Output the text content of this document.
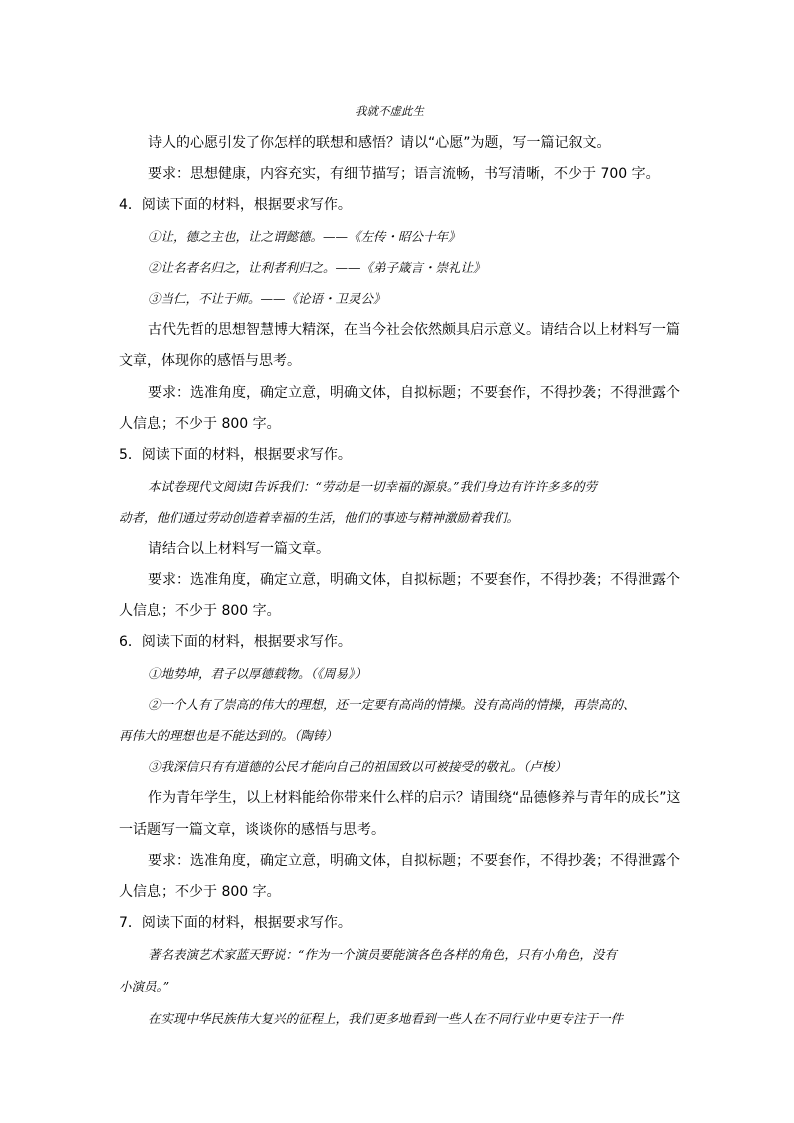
我就不虚此生
诗人的心愿引发了你怎样的联想和感悟？请以“心愿”为题，写一篇记叙文。
要求：思想健康，内容充实，有细节描写；语言流畅，书写清晰，不少于 700 字。
4．阅读下面的材料，根据要求写作。
①让，德之主也，让之谓懿德。——《左传・昭公十年》
②让名者名归之，让利者利归之。——《弟子箴言・崇礼让》
③当仁，不让于师。——《论语・卫灵公》
古代先哲的思想智慧博大精深，在当今社会依然颇具启示意义。请结合以上材料写一篇
文章，体现你的感悟与思考。
要求：选准角度，确定立意，明确文体，自拟标题；不要套作，不得抄袭；不得泄露个
人信息；不少于 800 字。
5．阅读下面的材料，根据要求写作。
本试卷现代文阅读Ⅰ告诉我们：“劳动是一切幸福的源泉。”我们身边有许许多多的劳
动者，他们通过劳动创造着幸福的生活，他们的事迹与精神激励着我们。
请结合以上材料写一篇文章。
要求：选准角度，确定立意，明确文体，自拟标题；不要套作，不得抄袭；不得泄露个
人信息；不少于 800 字。
6．阅读下面的材料，根据要求写作。
①地势坤，君子以厚德载物。（《周易》）
②一个人有了崇高的伟大的理想，还一定要有高尚的情操。没有高尚的情操，再崇高的、
再伟大的理想也是不能达到的。（陶铸）
③我深信只有有道德的公民才能向自己的祖国致以可被接受的敬礼。（卢梭）
作为青年学生，以上材料能给你带来什么样的启示？请围绕“品德修养与青年的成长”这
一话题写一篇文章，谈谈你的感悟与思考。
要求：选准角度，确定立意，明确文体，自拟标题；不要套作，不得抄袭；不得泄露个
人信息；不少于 800 字。
7．阅读下面的材料，根据要求写作。
著名表演艺术家蓝天野说：“作为一个演员要能演各色各样的角色，只有小角色，没有
小演员。”
在实现中华民族伟大复兴的征程上，我们更多地看到一些人在不同行业中更专注于一件
